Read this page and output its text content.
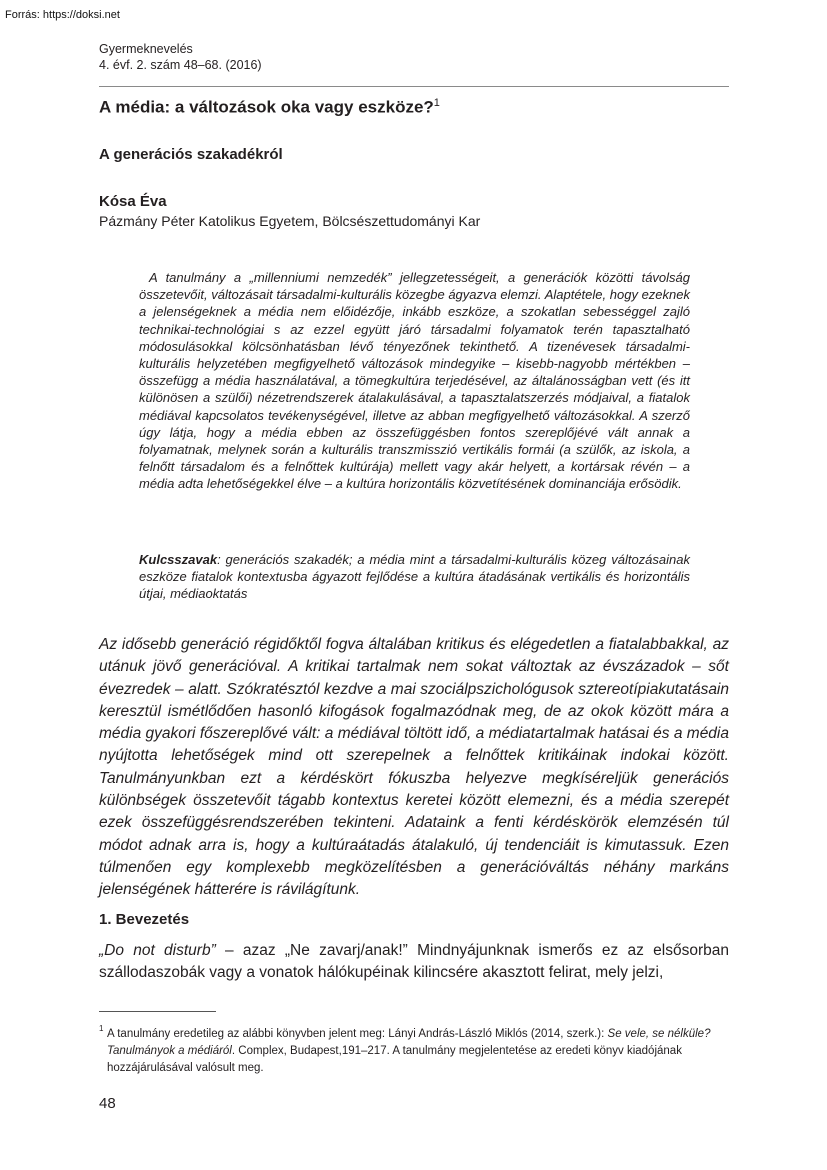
Forrás: https://doksi.net
Gyermeknevelés
4. évf. 2. szám 48–68. (2016)
A média: a változások oka vagy eszköze?$^1$
A generációs szakadékról
Kósa Éva
Pázmány Péter Katolikus Egyetem, Bölcsészettudományi Kar

A tanulmány a „millenniumi nemzedék” jellegzetességeit, a generációk közötti távolság összetevőit, változásait társadalmi-kulturális közegbe ágyazva elemzi. Alaptétele, hogy ezeknek a jelenségeknek a média nem előidézője, inkább eszköze, a szokatlan sebességgel zajló technikai-technológiai s az ezzel együtt járó társadalmi folyamatok terén tapasztalható módosulásokkal kölcsönhatásban lévő tényezőnek tekinthető. A tizenévesek társadalmi-kulturális helyzetében megfigyelhető változások mindegyike – kisebb-nagyobb mértékben – összefügg a média használatával, a tömegkultúra terjedésével, az általánosságban vett (és itt különösen a szülői) nézetrendszerek átalakulásával, a tapasztalatszerzés módjaival, a fiatalok médiával kapcsolatos tevékenységével, illetve az abban megfigyelhető változásokkal. A szerző úgy látja, hogy a média ebben az összefüggésben fontos szereplőjévé vált annak a folyamatnak, melynek során a kulturális transzmisszió vertikális formái (a szülők, az iskola, a felnőtt társadalom és a felnőttek kultúrája) mellett vagy akár helyett, a kortársak révén – a média adta lehetőségekkel élve – a kultúra horizontális közvetítésének dominanciája erősödik.

Kulcsszavak: generációs szakadék; a média mint a társadalmi-kulturális közeg változásainak eszköze fiatalok kontextusba ágyazott fejlődése a kultúra átadásának vertikális és horizontális útjai, médiaoktatás

Az idősebb generáció régidőktől fogva általában kritikus és elégedetlen a fiatalabbakkal, az utánuk jövő generációval. A kritikai tartalmak nem sokat változtak az évszázadok – sőt évezredek – alatt. Szókratésztól kezdve a mai szociálpszichológusok sztereotípiakutatásain keresztül ismétlődően hasonló kifogások fogalmazódnak meg, de az okok között mára a média gyakori főszereplővé vált: a médiával töltött idő, a médiatartalmak hatásai és a média nyújtotta lehetőségek mind ott szerepelnek a felnőttek kritikáinak indokai között. Tanulmányunkban ezt a kérdéskört fókuszba helyezve megkíséreljük generációs különbségek összetevőit tágabb kontextus keretei között elemezni, és a média szerepét ezek összefüggésrendszerében tekinteni. Adataink a fenti kérdéskörök elemzésén túl módot adnak arra is, hogy a kultúraátadás átalakuló, új tendenciáit is kimutassuk. Ezen túlmenően egy komplexebb megközelítésben a generációváltás néhány markáns jelenségének hátterére is rávilágítunk.

1. Bevezetés

„Do not disturb” – azaz „Ne zavarj/anak!” Mindnyájunknak ismerős ez az elsősorban szállodaszobák vagy a vonatok hálókupéinak kilincsére akasztott felirat, mely jelzi,

1 A tanulmány eredetileg az alábbi könyvben jelent meg: Lányi András-László Miklós (2014, szerk.): Se vele, se nélküle? Tanulmányok a médiáról. Complex, Budapest,191–217. A tanulmány megjelentetése az eredeti könyv kiadójának hozzájárulásával valósult meg.

48
